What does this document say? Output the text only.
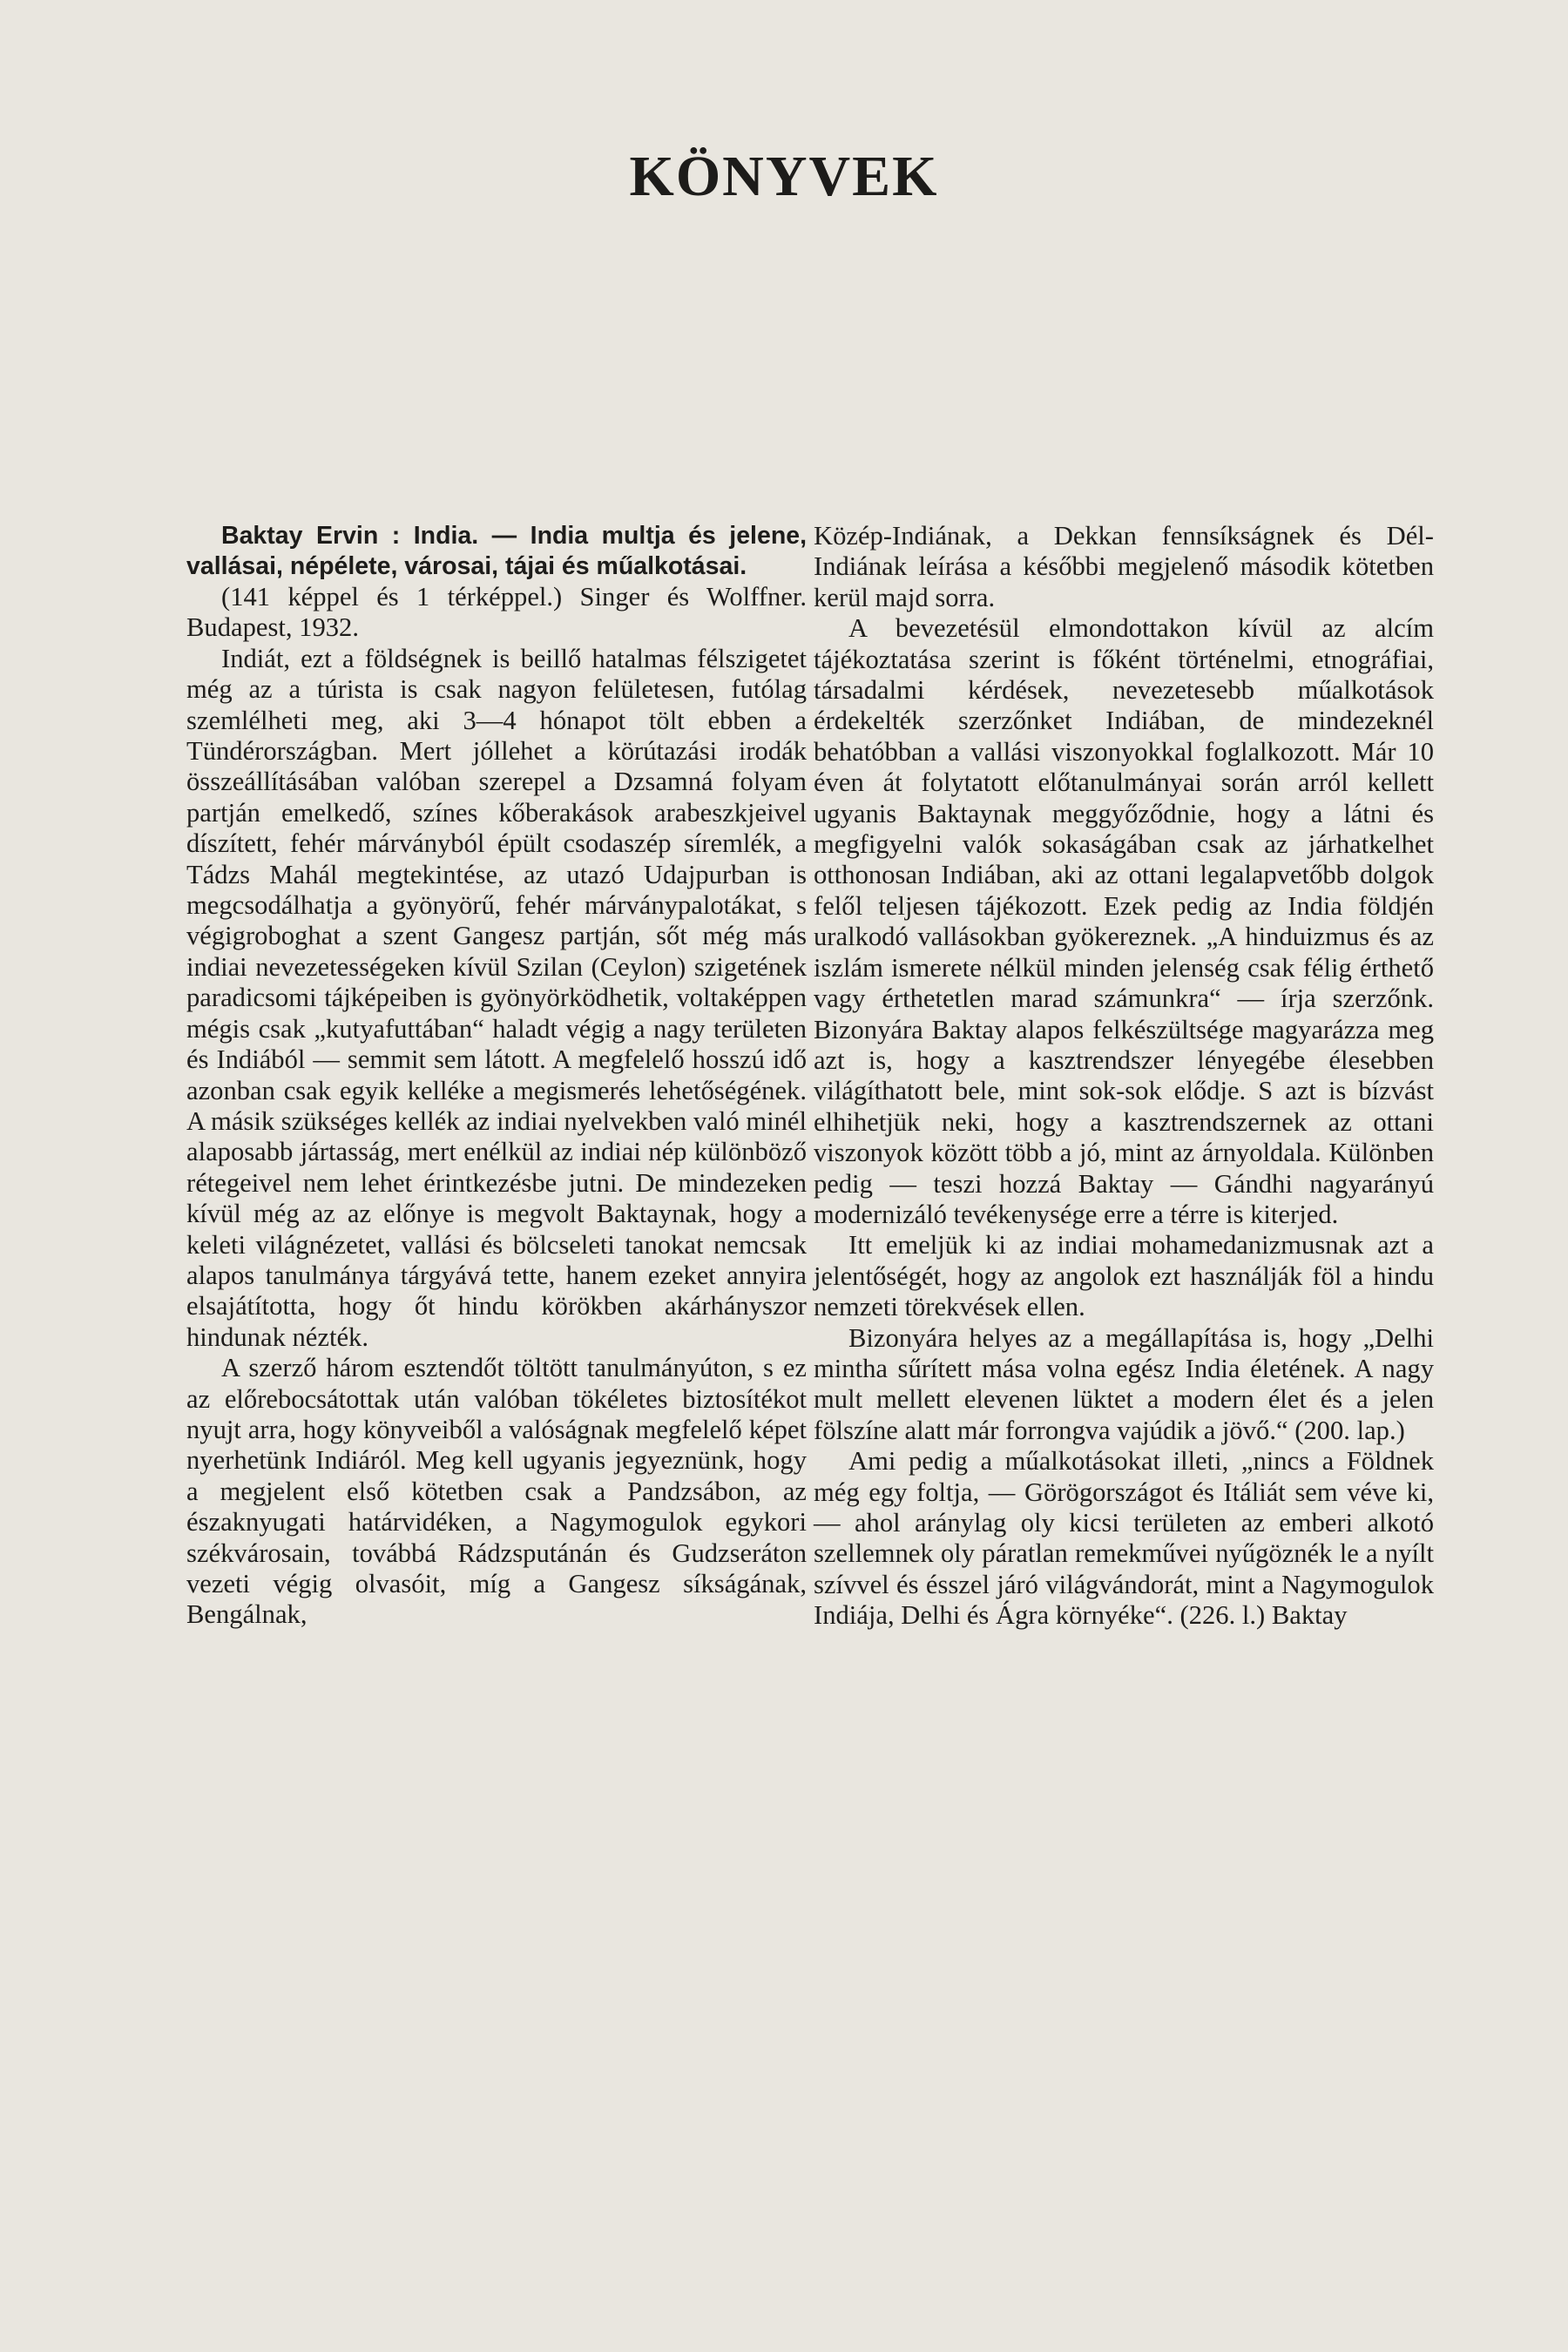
KÖNYVEK

Baktay Ervin : India. — India multja és jelene, vallásai, népélete, városai, tájai és műalkotásai.

(141 képpel és 1 térképpel.) Singer és Wolffner. Budapest, 1932.

Indiát, ezt a földségnek is beillő hatalmas félszigetet még az a túrista is csak nagyon felületesen, futólag szemlélheti meg, aki 3—4 hónapot tölt ebben a Tündérországban. Mert jóllehet a körútazási irodák összeállításában valóban szerepel a Dzsamná folyam partján emelkedő, színes kőberakások arabeszkjeivel díszített, fehér márványból épült csodaszép síremlék, a Tádzs Mahál megtekintése, az utazó Udajpurban is megcsodálhatja a gyönyörű, fehér márványpalotákat, s végigroboghat a szent Gangesz partján, sőt még más indiai nevezetességeken kívül Szilan (Ceylon) szigetének paradicsomi tájképeiben is gyönyörködhetik, voltaképpen mégis csak „kutyafuttában“ haladt végig a nagy területen és Indiából — semmit sem látott. A megfelelő hosszú idő azonban csak egyik kelléke a megismerés lehetőségének. A másik szükséges kellék az indiai nyelvekben való minél alaposabb jártasság, mert enélkül az indiai nép különböző rétegeivel nem lehet érintkezésbe jutni. De mindezeken kívül még az az előnye is megvolt Baktaynak, hogy a keleti világnézetet, vallási és bölcseleti tanokat nemcsak alapos tanulmánya tárgyává tette, hanem ezeket annyira elsajátította, hogy őt hindu körökben akárhányszor hindunak nézték.

A szerző három esztendőt töltött tanulmányúton, s ez az előrebocsátottak után valóban tökéletes biztosítékot nyujt arra, hogy könyveiből a valóságnak megfelelő képet nyerhetünk Indiáról. Meg kell ugyanis jegyeznünk, hogy a megjelent első kötetben csak a Pandzsábon, az északnyugati határvidéken, a Nagymogulok egykori székvárosain, továbbá Rádzsputánán és Gudzseráton vezeti végig olvasóit, míg a Gangesz síkságának, Bengálnak,

Közép-Indiának, a Dekkan fennsíkságnek és Dél-Indiának leírása a későbbi megjelenő második kötetben kerül majd sorra.

A bevezetésül elmondottakon kívül az alcím tájékoztatása szerint is főként történelmi, etnográfiai, társadalmi kérdések, nevezetesebb műalkotások érdekelték szerzőnket Indiában, de mindezeknél behatóbban a vallási viszonyokkal foglalkozott. Már 10 éven át folytatott előtanulmányai során arról kellett ugyanis Baktaynak meggyőződnie, hogy a látni és megfigyelni valók sokaságában csak az járhatkelhet otthonosan Indiában, aki az ottani legalapvetőbb dolgok felől teljesen tájékozott. Ezek pedig az India földjén uralkodó vallásokban gyökereznek. „A hinduizmus és az iszlám ismerete nélkül minden jelenség csak félig érthető vagy érthetetlen marad számunkra“ — írja szerzőnk. Bizonyára Baktay alapos felkészültsége magyarázza meg azt is, hogy a kasztrendszer lényegébe élesebben világíthatott bele, mint sok-sok elődje. S azt is bízvást elhihetjük neki, hogy a kasztrendszernek az ottani viszonyok között több a jó, mint az árnyoldala. Különben pedig — teszi hozzá Baktay — Gándhi nagyarányú modernizáló tevékenysége erre a térre is kiterjed.

Itt emeljük ki az indiai mohamedanizmusnak azt a jelentőségét, hogy az angolok ezt használják föl a hindu nemzeti törekvések ellen.

Bizonyára helyes az a megállapítása is, hogy „Delhi mintha sűrített mása volna egész India életének. A nagy mult mellett elevenen lüktet a modern élet és a jelen fölszíne alatt már forrongva vajúdik a jövő.“ (200. lap.)

Ami pedig a műalkotásokat illeti, „nincs a Földnek még egy foltja, — Görögországot és Itáliát sem véve ki, — ahol aránylag oly kicsi területen az emberi alkotó szellemnek oly páratlan remekművei nyűgöznék le a nyílt szívvel és ésszel járó világvándorát, mint a Nagymogulok Indiája, Delhi és Ágra környéke“. (226. l.) Baktay
